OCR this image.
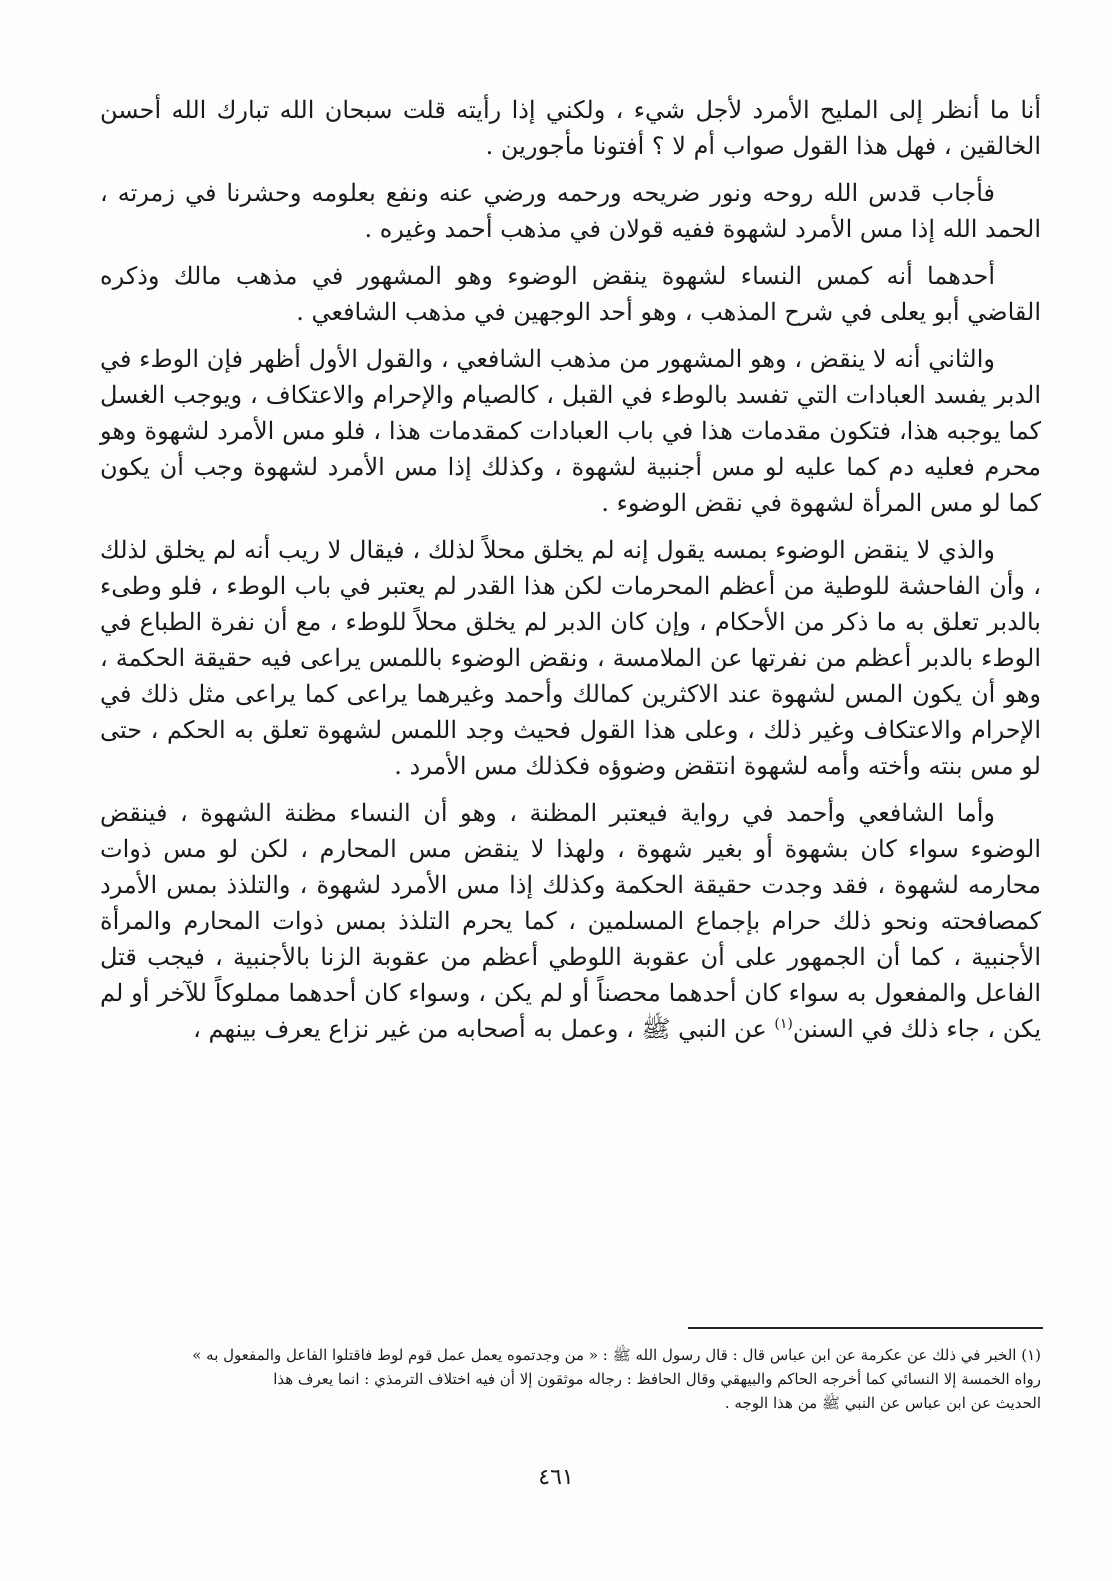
أنا ما أنظر إلى المليح الأمرد لأجل شيء ، ولكني إذا رأيته قلت سبحان الله تبارك الله أحسن الخالقين ، فهل هذا القول صواب أم لا ؟ أفتونا مأجورين .

فأجاب قدس الله روحه ونور ضريحه ورحمه ورضي عنه ونفع بعلومه وحشرنا في زمرته ، الحمد الله إذا مس الأمرد لشهوة ففيه قولان في مذهب أحمد وغيره .

أحدهما أنه كمس النساء لشهوة ينقض الوضوء وهو المشهور في مذهب مالك وذكره القاضي أبو يعلى في شرح المذهب ، وهو أحد الوجهين في مذهب الشافعي .

والثاني أنه لا ينقض ، وهو المشهور من مذهب الشافعي ، والقول الأول أظهر فإن الوطء في الدبر يفسد العبادات التي تفسد بالوطء في القبل ، كالصيام والإحرام والاعتكاف ، ويوجب الغسل كما يوجبه هذا، فتكون مقدمات هذا في باب العبادات كمقدمات هذا ، فلو مس الأمرد لشهوة وهو محرم فعليه دم كما عليه لو مس أجنبية لشهوة ، وكذلك إذا مس الأمرد لشهوة وجب أن يكون كما لو مس المرأة لشهوة في نقض الوضوء .

والذي لا ينقض الوضوء بمسه يقول إنه لم يخلق محلاً لذلك ، فيقال لا ريب أنه لم يخلق لذلك ، وأن الفاحشة للوطية من أعظم المحرمات لكن هذا القدر لم يعتبر في باب الوطء ، فلو وطىء بالدبر تعلق به ما ذكر من الأحكام ، وإن كان الدبر لم يخلق محلاً للوطء ، مع أن نفرة الطباع في الوطء بالدبر أعظم من نفرتها عن الملامسة ، ونقض الوضوء باللمس يراعى فيه حقيقة الحكمة ، وهو أن يكون المس لشهوة عند الاكثرين كمالك وأحمد وغيرهما يراعى كما يراعى مثل ذلك في الإحرام والاعتكاف وغير ذلك ، وعلى هذا القول فحيث وجد اللمس لشهوة تعلق به الحكم ، حتى لو مس بنته وأخته وأمه لشهوة انتقض وضوؤه فكذلك مس الأمرد .

وأما الشافعي وأحمد في رواية فيعتبر المظنة ، وهو أن النساء مظنة الشهوة ، فينقض الوضوء سواء كان بشهوة أو بغير شهوة ، ولهذا لا ينقض مس المحارم ، لكن لو مس ذوات محارمه لشهوة ، فقد وجدت حقيقة الحكمة وكذلك إذا مس الأمرد لشهوة ، والتلذذ بمس الأمرد كمصافحته ونحو ذلك حرام بإجماع المسلمين ، كما يحرم التلذذ بمس ذوات المحارم والمرأة الأجنبية ، كما أن الجمهور على أن عقوبة اللوطي أعظم من عقوبة الزنا بالأجنبية ، فيجب قتل الفاعل والمفعول به سواء كان أحدهما محصناً أو لم يكن ، وسواء كان أحدهما مملوكاً للآخر أو لم يكن ، جاء ذلك في السنن$^{(١)}$ عن النبي ﷺ ، وعمل به أصحابه من غير نزاع يعرف بينهم ،

(١) الخبر في ذلك عن عكرمة عن ابن عباس قال : قال رسول الله ﷺ : « من وجدتموه يعمل عمل قوم لوط فاقتلوا الفاعل والمفعول به »

رواه الخمسة إلا النسائي كما أخرجه الحاكم والبيهقي وقال الحافظ : رجاله موثقون إلا أن فيه اختلاف الترمذي : انما يعرف هذا

الحديث عن ابن عباس عن النبي ﷺ من هذا الوجه .

٤٦١
